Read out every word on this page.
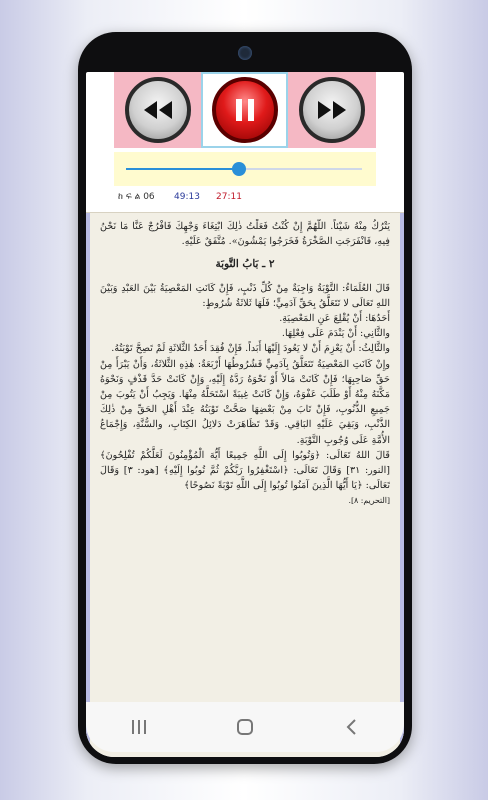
ከ ፍ ል 06 49:13 27:11

يَتْرُكُ مِنْهُ شَيْئاً. اللَّهُمَّ إِنْ كُنْتُ فَعَلْتُ ذٰلِكَ ابْتِغَاءَ وَجْهِكَ فَافْرُجْ عَنَّا مَا نَحْنُ فِيهِ، فَانْفَرَجَتِ الصَّخْرَةُ فَخَرَجُوا يَمْشُونَ». مُتَّفَقٌ عَلَيْهِ.

٢ ـ بَابُ التَّوبَة

قَالَ العُلَمَاءُ: التَّوْبَةُ وَاجِبَةٌ مِنْ كُلِّ ذَنْبٍ، فَإِنْ كَانَتِ المَعْصِيَةُ بَيْنَ العَبْدِ وَبَيْنَ اللهِ تَعَالَى لا تَتَعَلَّقُ بِحَقِّ آدَمِيٍّ؛ فَلَهَا ثَلاثَةُ شُرُوطٍ:

أَحَدُهَا: أَنْ يُقْلِعَ عَنِ المَعْصِيَةِ.

والثَّانِي: أَنْ يَنْدَمَ عَلَى فِعْلِهَا.

والثَّالِثُ: أَنْ يَعْزِمَ أَنْ لا يَعُودَ إِلَيْهَا أَبَداً. فَإِنْ فُقِدَ أَحَدُ الثَّلاثَةِ لَمْ تَصِحَّ تَوْبَتُهُ.

وإِنْ كَانَتِ المَعْصِيَةُ تَتَعَلَّقُ بِآدَمِيٍّ فَشُرُوطُهَا أَرْبَعَةٌ: هٰذِهِ الثَّلاثَةُ، وَأَنْ يَبْرَأَ مِنْ حَقِّ صَاحِبِهَا؛ فَإِنْ كَانَتْ مَالاً أَوْ نَحْوَهُ رَدَّهُ إِلَيْهِ، وَإِنْ كَانَتْ حَدَّ قَذْفٍ وَنَحْوَهُ مَكَّنَهُ مِنْهُ أَوْ طَلَبَ عَفْوَهُ، وَإِنْ كَانَتْ غِيبَةً اسْتَحَلَّهُ مِنْهَا. وَيَجِبُ أَنْ يَتُوبَ مِنْ جَمِيعِ الذُّنُوبِ، فَإِنْ تَابَ مِنْ بَعْضِهَا صَحَّتْ تَوْبَتُهُ عِنْدَ أَهْلِ الحَقِّ مِنْ ذٰلِكَ الذَّنْبِ، وَبَقِيَ عَلَيْهِ البَاقِي. وَقَدْ تَظَاهَرَتْ دَلائِلُ الكِتَابِ، والسُّنَّةِ، وَإِجْمَاعُ الأُمَّةِ عَلَى وُجُوبِ التَّوْبَةِ.

قَالَ اللهُ تَعَالَى: ﴿وَتُوبُوا إِلَى اللَّهِ جَمِيعًا أَيُّهَ الْمُؤْمِنُونَ لَعَلَّكُمْ تُفْلِحُونَ﴾ [النور: ٣١] وَقَالَ تَعَالَى: ﴿اسْتَغْفِرُوا رَبَّكُمْ ثُمَّ تُوبُوا إِلَيْهِ﴾ [هود: ٣] وَقَالَ تَعَالَى: ﴿يَا أَيُّهَا الَّذِينَ آمَنُوا تُوبُوا إِلَى اللَّهِ تَوْبَةً نَصُوحًا﴾

[التحريم: ٨].
